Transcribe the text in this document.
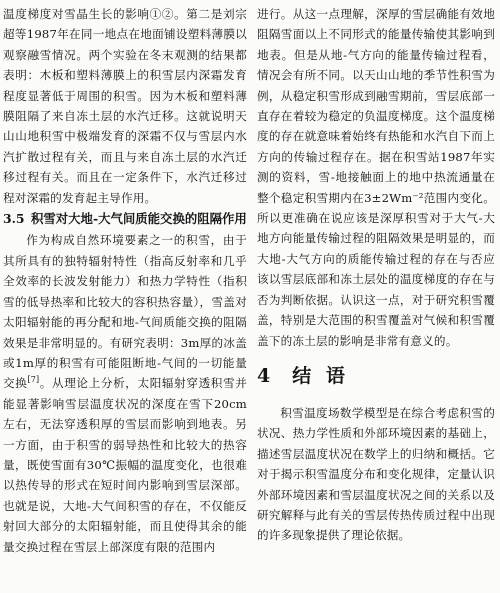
温度梯度对雪晶生长的影响①②。第二是刘宗超等1987年在同一地点在地面铺设塑料薄膜以观察融雪情况。两个实验在冬末观测的结果都表明：木板和塑料薄膜上的积雪层内深霜发育程度显著低于周围的积雪。因为木板和塑料薄膜阻隔了来自冻土层的水汽迁移。这就说明天山山地积雪中极端发育的深霜不仅与雪层内水汽扩散过程有关，而且与来自冻土层的水汽迁移过程有关。而且在一定条件下，水汽迁移过程对深霜的发育起主导作用。

3.5 积雪对大地-大气间质能交换的阻隔作用

作为构成自然环境要素之一的积雪，由于其所具有的独特辐射特性（指高反射率和几乎全效率的长波发射能力）和热力学特性（指积雪的低导热率和比较大的容积热容量），雪盖对太阳辐射能的再分配和地-气间质能交换的阻隔效果是非常明显的。有研究表明：3m厚的冰盖或1m厚的积雪有可能阻断地-气间的一切能量交换[7]。从理论上分析，太阳辐射穿透积雪并能显著影响雪层温度状况的深度在雪下20cm左右，无法穿透积厚的雪层而影响到地表。另一方面，由于积雪的弱导热性和比较大的热容量，既使雪面有30℃振幅的温度变化，也很难以热传导的形式在短时间内影响到雪层深部。也就是说，大地-大气间积雪的存在，不仅能反射回大部分的太阳辐射能，而且使得其余的能量交换过程在雪层上部深度有限的范围内

进行。从这一点理解，深厚的雪层确能有效地阻隔雪面以上不同形式的能量传输使其影响到地表。但是从地-气方向的能量传输过程看，情况会有所不同。以天山山地的季节性积雪为例，从稳定积雪形成到融雪期前，雪层底部一直存在着较为稳定的负温度梯度。这个温度梯度的存在就意味着始终有热能和水汽自下而上方向的传输过程存在。据在积雪站1987年实测的资料，雪-地接触面上的地中热流通量在整个稳定积雪期内在3±2Wm⁻²范围内变化。所以更准确在说应该是深厚积雪对于大气-大地方向能量传输过程的阻隔效果是明显的，而大地-大气方向的质能传输过程的存在与否应该以雪层底部和冻土层处的温度梯度的存在与否为判断依据。认识这一点，对于研究积雪覆盖，特别是大范围的积雪覆盖对气候和积雪覆盖下的冻土层的影响是非常有意义的。

4 结 语

积雪温度场数学模型是在综合考虑积雪的状况、热力学性质和外部环境因素的基础上，描述雪层温度状况在数学上的归纳和概括。它对于揭示积雪温度分布和变化规律，定量认识外部环境因素和雪层温度状况之间的关系以及研究解释与此有关的雪层传热传质过程中出现的许多现象提供了理论依据。
